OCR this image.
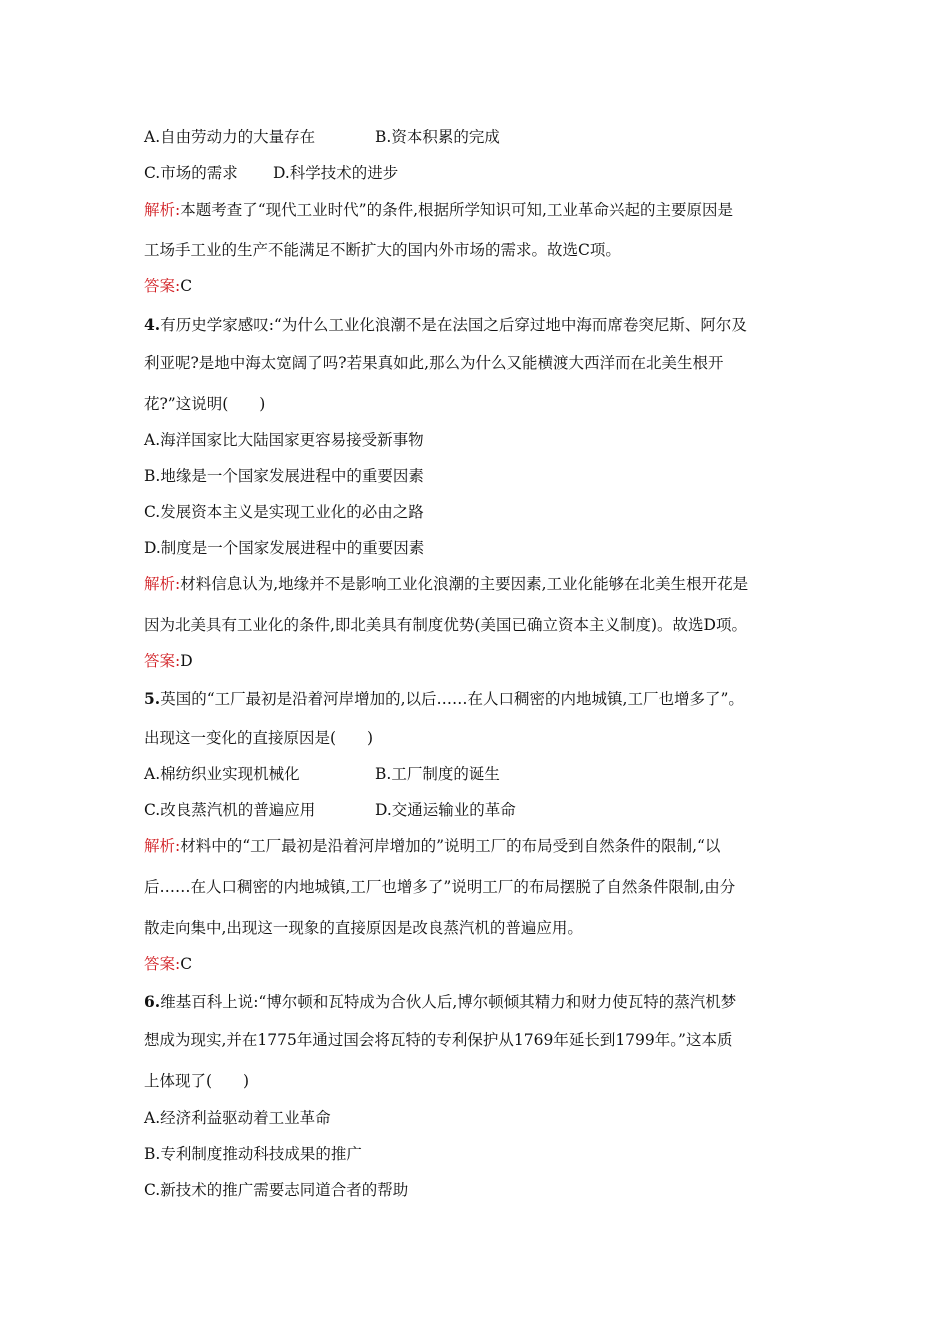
A.自由劳动力的大量存在	B.资本积累的完成
C.市场的需求 D.科学技术的进步
解析:本题考查了“现代工业时代”的条件,根据所学知识可知,工业革命兴起的主要原因是
工场手工业的生产不能满足不断扩大的国内外市场的需求。故选C项。
答案:C
4.有历史学家感叹:“为什么工业化浪潮不是在法国之后穿过地中海而席卷突尼斯、阿尔及
利亚呢?是地中海太宽阔了吗?若果真如此,那么为什么又能横渡大西洋而在北美生根开
花?”这说明(　　)
A.海洋国家比大陆国家更容易接受新事物
B.地缘是一个国家发展进程中的重要因素
C.发展资本主义是实现工业化的必由之路
D.制度是一个国家发展进程中的重要因素
解析:材料信息认为,地缘并不是影响工业化浪潮的主要因素,工业化能够在北美生根开花是
因为北美具有工业化的条件,即北美具有制度优势(美国已确立资本主义制度)。故选D项。
答案:D
5.英国的“工厂最初是沿着河岸增加的,以后……在人口稠密的内地城镇,工厂也增多了”。
出现这一变化的直接原因是(　　)
A.棉纺织业实现机械化	B.工厂制度的诞生
C.改良蒸汽机的普遍应用	D.交通运输业的革命
解析:材料中的“工厂最初是沿着河岸增加的”说明工厂的布局受到自然条件的限制,“以
后……在人口稠密的内地城镇,工厂也增多了”说明工厂的布局摆脱了自然条件限制,由分
散走向集中,出现这一现象的直接原因是改良蒸汽机的普遍应用。
答案:C
6.维基百科上说:“博尔顿和瓦特成为合伙人后,博尔顿倾其精力和财力使瓦特的蒸汽机梦
想成为现实,并在1775年通过国会将瓦特的专利保护从1769年延长到1799年。”这本质
上体现了(　　)
A.经济利益驱动着工业革命
B.专利制度推动科技成果的推广
C.新技术的推广需要志同道合者的帮助
